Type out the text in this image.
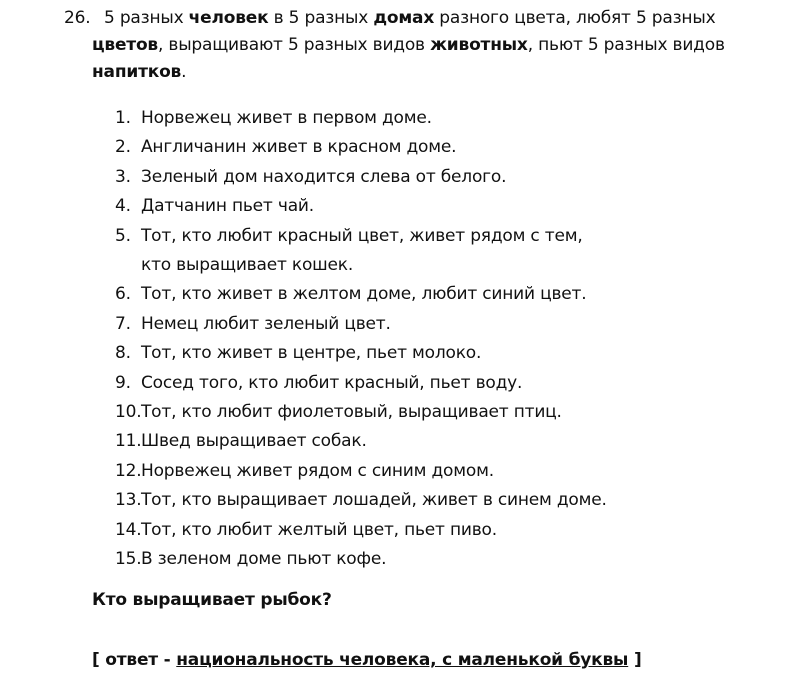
26. 5 разных человек в 5 разных домах разного цвета, любят 5 разных
цветов, выращивают 5 разных видов животных, пьют 5 разных видов
напитков.
1. Норвежец живет в первом доме.
2. Англичанин живет в красном доме.
3. Зеленый дом находится слева от белого.
4. Датчанин пьет чай.
5. Тот, кто любит красный цвет, живет рядом с тем, кто выращивает кошек.
6. Тот, кто живет в желтом доме, любит синий цвет.
7. Немец любит зеленый цвет.
8. Тот, кто живет в центре, пьет молоко.
9. Сосед того, кто любит красный, пьет воду.
10. Тот, кто любит фиолетовый, выращивает птиц.
11. Швед выращивает собак.
12. Норвежец живет рядом с синим домом.
13. Тот, кто выращивает лошадей, живет в синем доме.
14. Тот, кто любит желтый цвет, пьет пиво.
15. В зеленом доме пьют кофе.
Кто выращивает рыбок?
[ ответ - национальность человека, с маленькой буквы ]
